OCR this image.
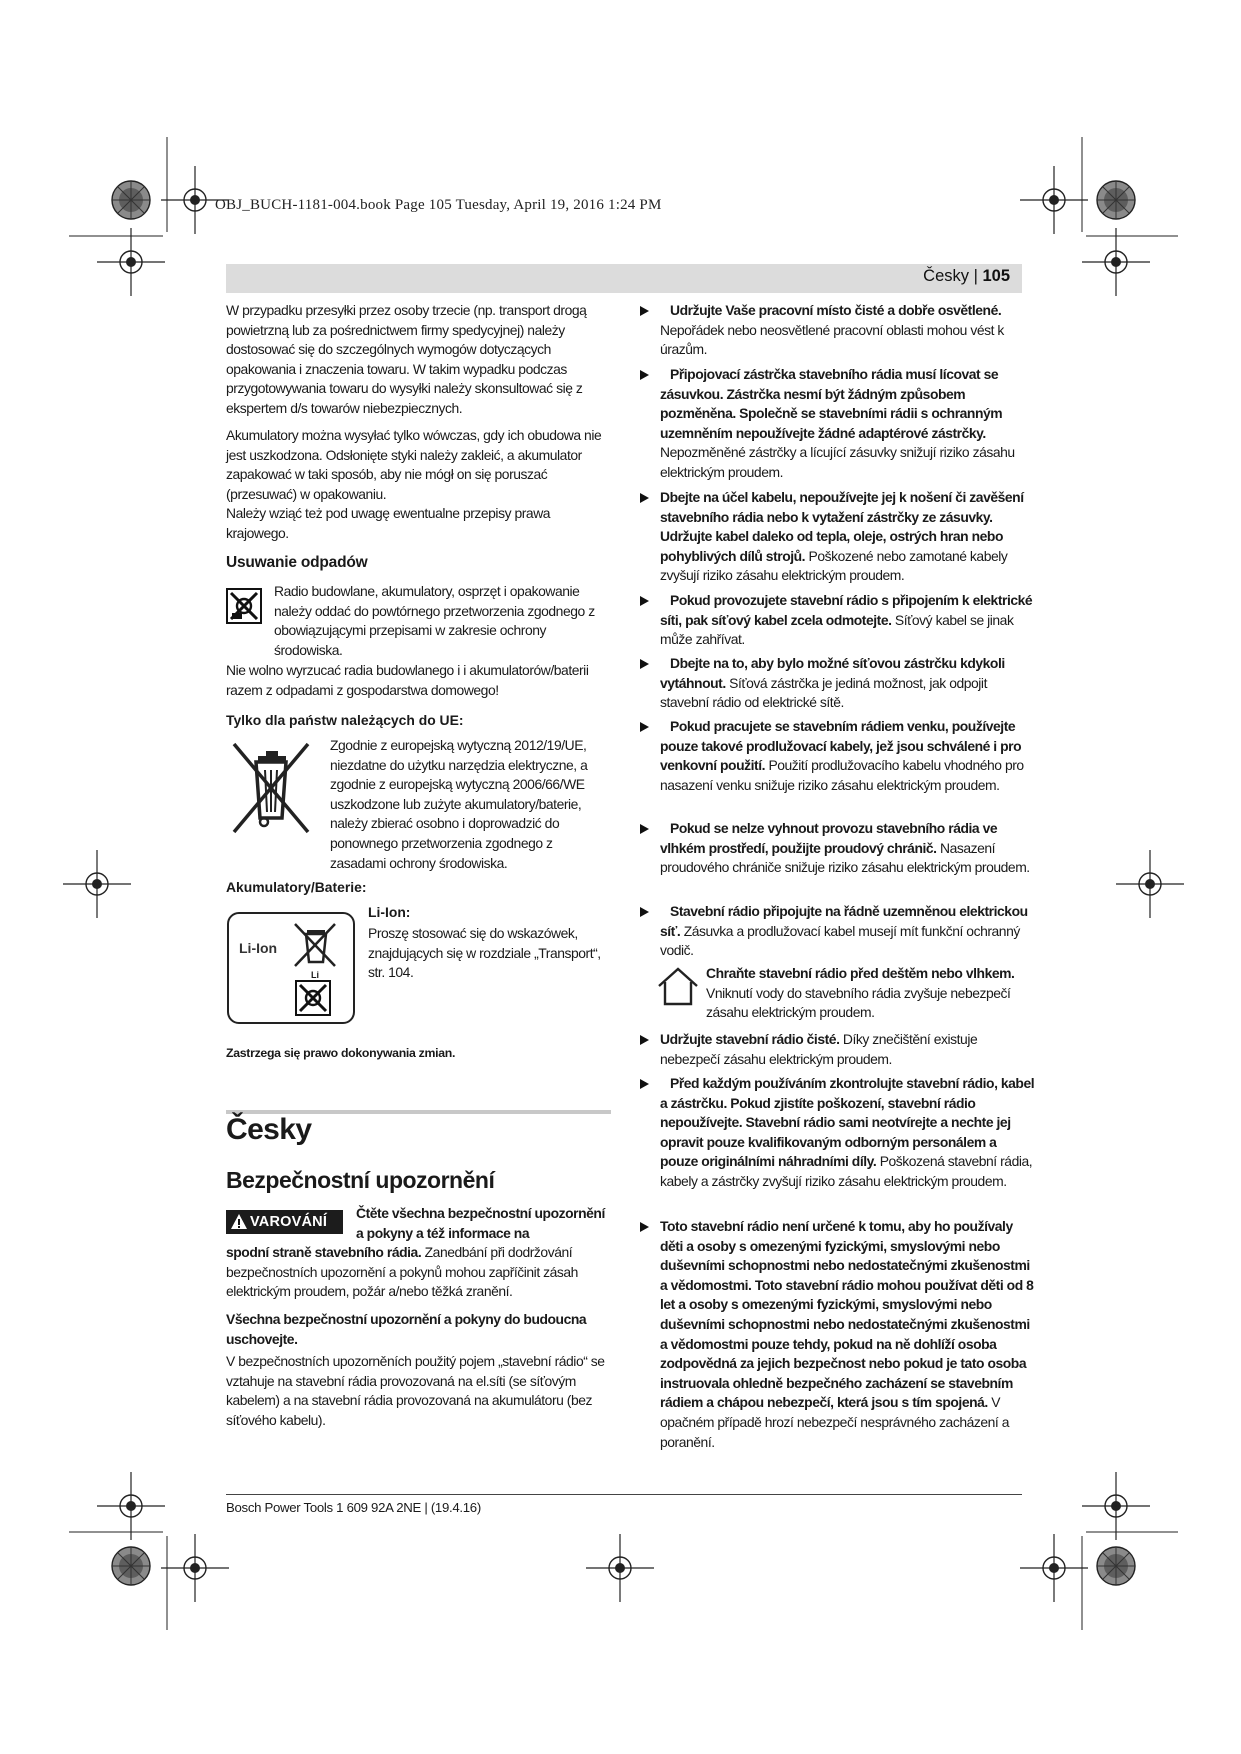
OBJ_BUCH-1181-004.book Page 105 Tuesday, April 19, 2016 1:24 PM
Česky | 105
W przypadku przesyłki przez osoby trzecie (np. transport drogą powietrzną lub za pośrednictwem firmy spedycyjnej) należy dostosować się do szczególnych wymogów dotyczących opakowania i znaczenia towaru. W takim wypadku podczas przygotowywania towaru do wysyłki należy skonsultować się z ekspertem d/s towarów niebezpiecznych.
Akumulatory można wysyłać tylko wówczas, gdy ich obudowa nie jest uszkodzona. Odsłonięte styki należy zakleić, a akumulator zapakować w taki sposób, aby nie mógł on się poruszać (przesuwać) w opakowaniu.
Należy wziąć też pod uwagę ewentualne przepisy prawa krajowego.
Usuwanie odpadów
Radio budowlane, akumulatory, osprzęt i opakowanie należy oddać do powtórnego przetworzenia zgodnego z obowiązującymi przepisami w zakresie ochrony środowiska.
Nie wolno wyrzucać radia budowlanego i i akumulatorów/baterii razem z odpadami z gospodarstwa domowego!
Tylko dla państw należących do UE:
Zgodnie z europejską wytyczną 2012/19/UE, niezdatne do użytku narzędzia elektryczne, a zgodnie z europejską wytyczną 2006/66/WE uszkodzone lub zużyte akumulatory/baterie, należy zbierać osobno i doprowadzić do ponownego przetworzenia zgodnego z zasadami ochrony środowiska.
Akumulatory/Baterie:
Li-Ion
Li
Li-Ion:
Proszę stosować się do wskazówek, znajdujących się w rozdziale „Transport“, str. 104.
Zastrzega się prawo dokonywania zmian.
Česky
Bezpečnostní upozornění
VAROVÁNÍ
Čtěte všechna bezpečnostní upozornění a pokyny a též informace na
spodní straně stavebního rádia. Zanedbání při dodržování bezpečnostních upozornění a pokynů mohou zapříčinit zásah elektrickým proudem, požár a/nebo těžká zranění.
Všechna bezpečnostní upozornění a pokyny do budoucna uschovejte.
V bezpečnostních upozorněních použitý pojem „stavební rádio“ se vztahuje na stavební rádia provozovaná na el.síti (se síťovým kabelem) a na stavební rádia provozovaná na akumulátoru (bez síťového kabelu).
Udržujte Vaše pracovní místo čisté a dobře osvětlené. Nepořádek nebo neosvětlené pracovní oblasti mohou vést k úrazům.
Připojovací zástrčka stavebního rádia musí lícovat se zásuvkou. Zástrčka nesmí být žádným způsobem pozměněna. Společně se stavebními rádii s ochranným uzemněním nepoužívejte žádné adaptérové zástrčky. Nepozměněné zástrčky a lícující zásuvky snižují riziko zásahu elektrickým proudem.
Dbejte na účel kabelu, nepoužívejte jej k nošení či zavěšení stavebního rádia nebo k vytažení zástrčky ze zásuvky. Udržujte kabel daleko od tepla, oleje, ostrých hran nebo pohyblivých dílů strojů. Poškozené nebo zamotané kabely zvyšují riziko zásahu elektrickým proudem.
Pokud provozujete stavební rádio s připojením k elektrické síti, pak síťový kabel zcela odmotejte. Síťový kabel se jinak může zahřívat.
Dbejte na to, aby bylo možné síťovou zástrčku kdykoli vytáhnout. Síťová zástrčka je jediná možnost, jak odpojit stavební rádio od elektrické sítě.
Pokud pracujete se stavebním rádiem venku, používejte pouze takové prodlužovací kabely, jež jsou schválené i pro venkovní použití. Použití prodlužovacího kabelu vhodného pro nasazení venku snižuje riziko zásahu elektrickým proudem.
Pokud se nelze vyhnout provozu stavebního rádia ve vlhkém prostředí, použijte proudový chránič. Nasazení proudového chrániče snižuje riziko zásahu elektrickým proudem.
Stavební rádio připojujte na řádně uzemněnou elektrickou síť. Zásuvka a prodlužovací kabel musejí mít funkční ochranný vodič.
Chraňte stavební rádio před deštěm nebo vlhkem. Vniknutí vody do stavebního rádia zvyšuje nebezpečí zásahu elektrickým proudem.
Udržujte stavební rádio čisté. Díky znečištění existuje nebezpečí zásahu elektrickým proudem.
Před každým používáním zkontrolujte stavební rádio, kabel a zástrčku. Pokud zjistíte poškození, stavební rádio nepoužívejte. Stavební rádio sami neotvírejte a nechte jej opravit pouze kvalifikovaným odborným personálem a pouze originálními náhradními díly. Poškozená stavební rádia, kabely a zástrčky zvyšují riziko zásahu elektrickým proudem.
Toto stavební rádio není určené k tomu, aby ho používaly děti a osoby s omezenými fyzickými, smyslovými nebo duševními schopnostmi nebo nedostatečnými zkušenostmi a vědomostmi. Toto stavební rádio mohou používat děti od 8 let a osoby s omezenými fyzickými, smyslovými nebo duševními schopnostmi nebo nedostatečnými zkušenostmi a vědomostmi pouze tehdy, pokud na ně dohlíží osoba zodpovědná za jejich bezpečnost nebo pokud je tato osoba instruovala ohledně bezpečného zacházení se stavebním rádiem a chápou nebezpečí, která jsou s tím spojená. V opačném případě hrozí nebezpečí nesprávného zacházení a poranění.
Bosch Power Tools 1 609 92A 2NE | (19.4.16)
